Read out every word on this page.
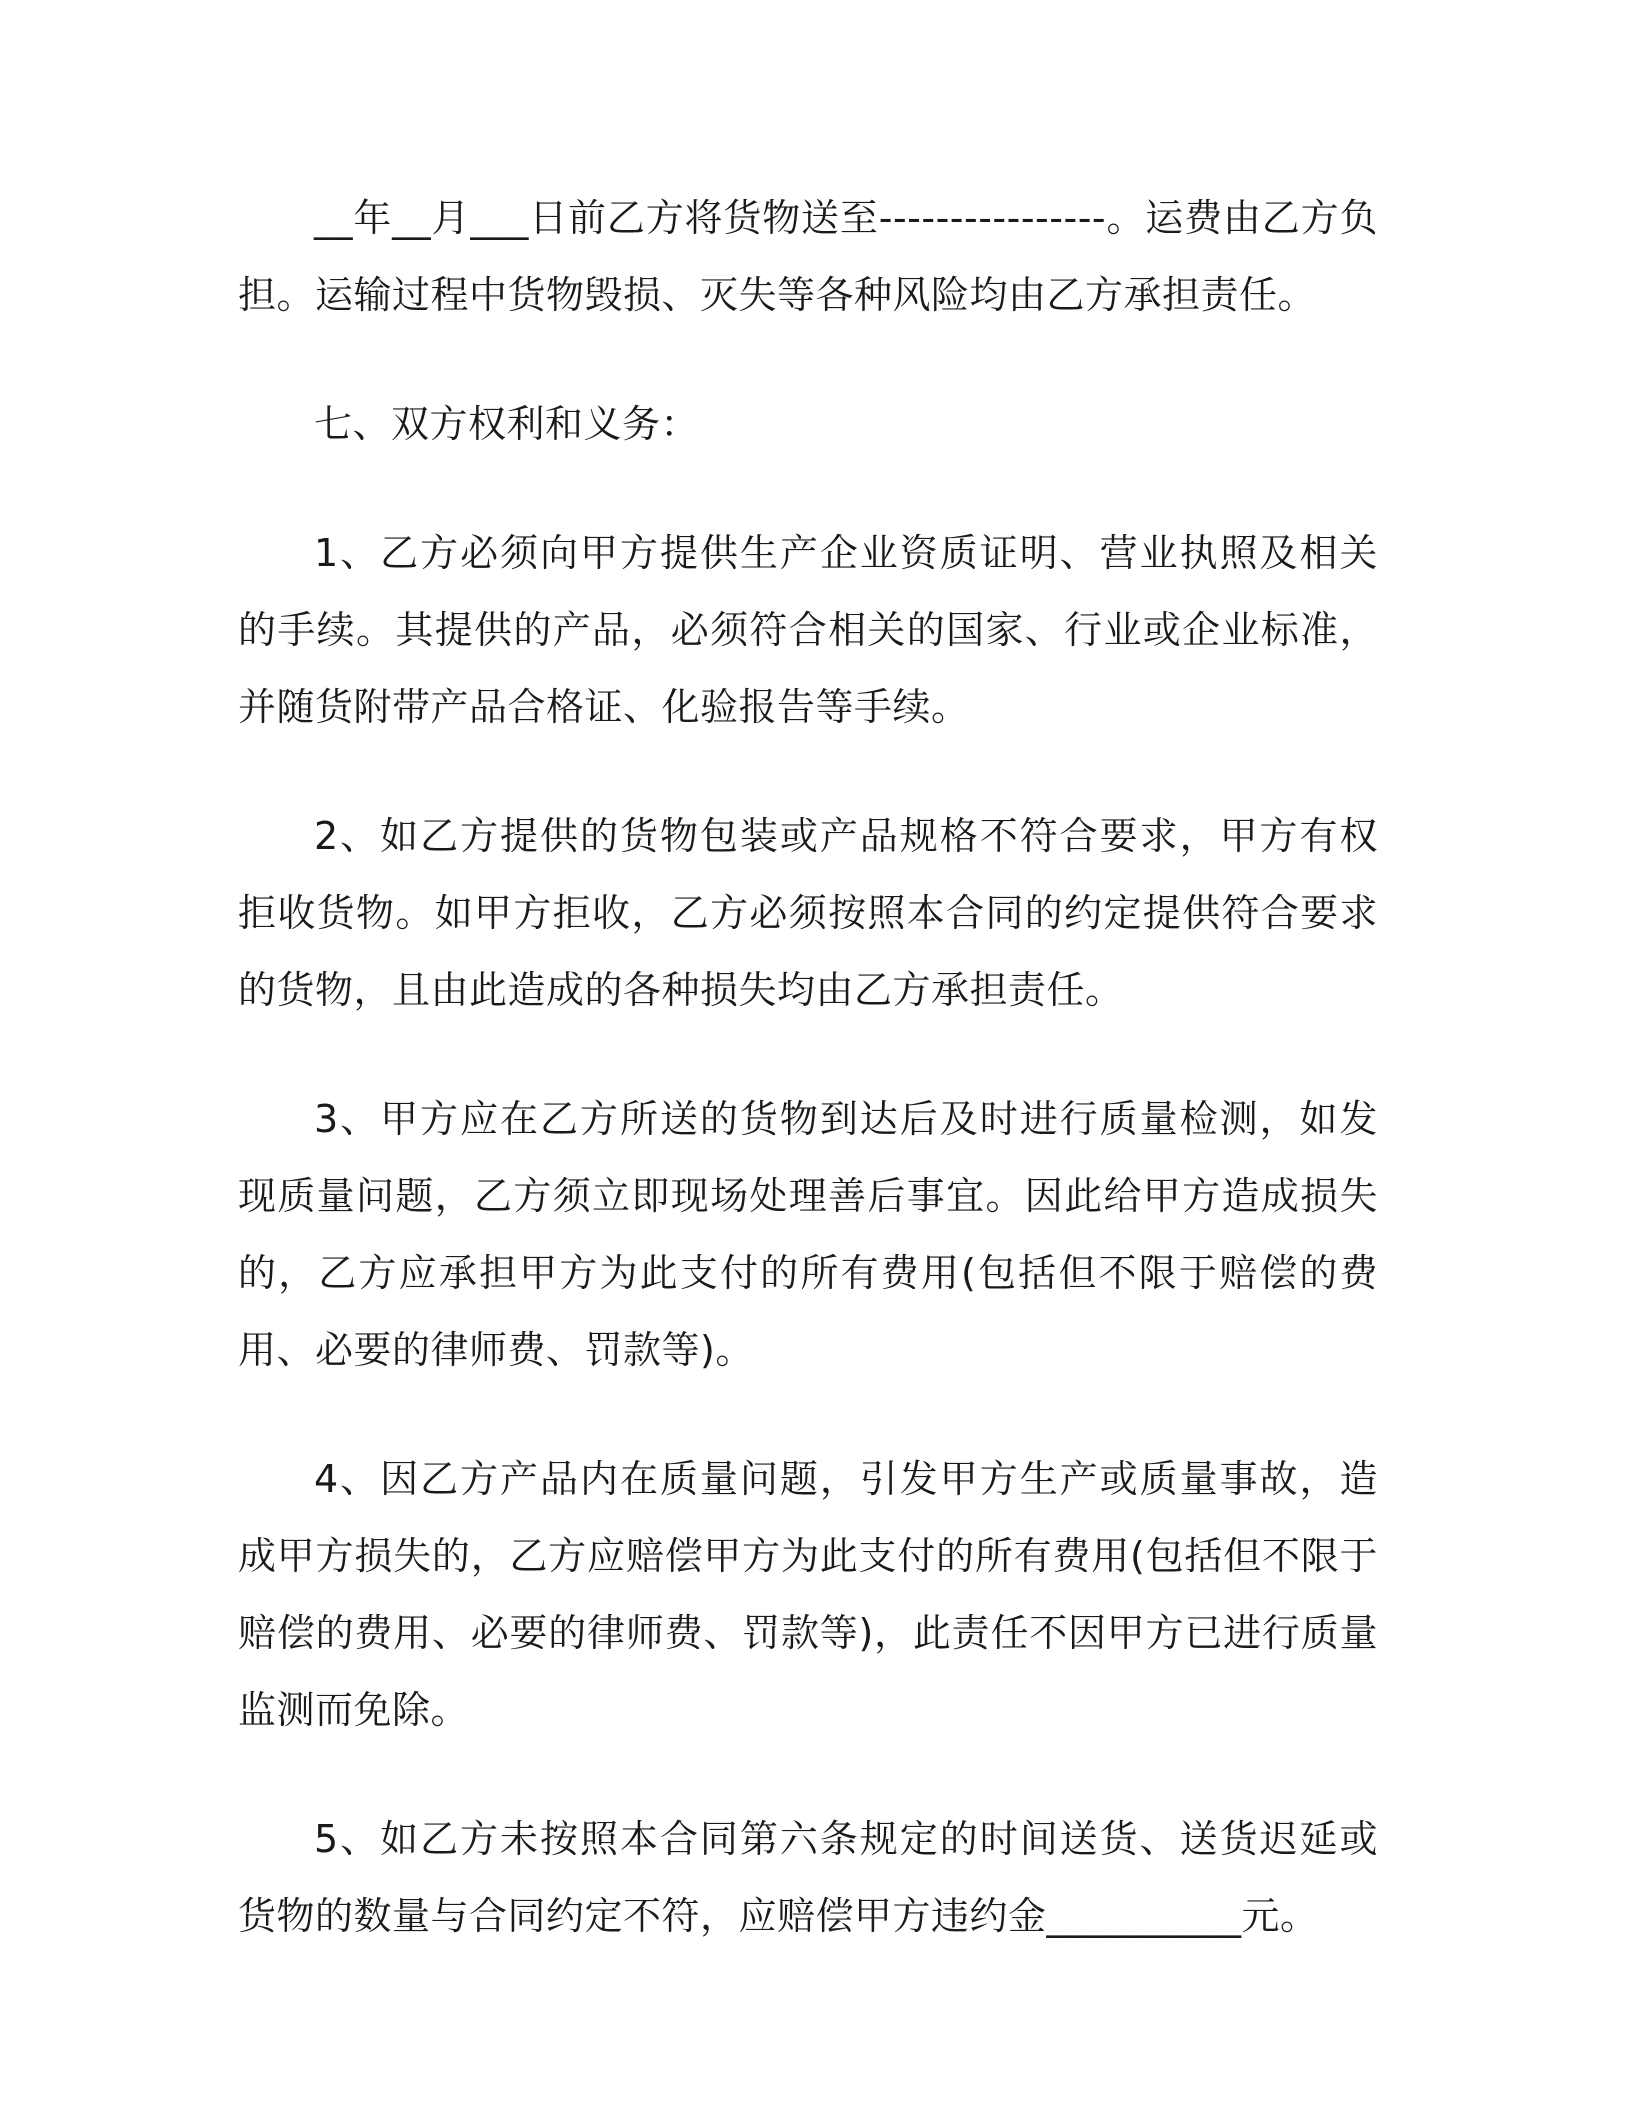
__年__月___日前乙方将货物送至----------------。运费由乙方负担。运输过程中货物毁损、灭失等各种风险均由乙方承担责任。

七、双方权利和义务：

1、乙方必须向甲方提供生产企业资质证明、营业执照及相关的手续。其提供的产品，必须符合相关的国家、行业或企业标准，并随货附带产品合格证、化验报告等手续。

2、如乙方提供的货物包装或产品规格不符合要求，甲方有权拒收货物。如甲方拒收，乙方必须按照本合同的约定提供符合要求的货物，且由此造成的各种损失均由乙方承担责任。

3、甲方应在乙方所送的货物到达后及时进行质量检测，如发现质量问题，乙方须立即现场处理善后事宜。因此给甲方造成损失的，乙方应承担甲方为此支付的所有费用(包括但不限于赔偿的费用、必要的律师费、罚款等)。

4、因乙方产品内在质量问题，引发甲方生产或质量事故，造成甲方损失的，乙方应赔偿甲方为此支付的所有费用(包括但不限于赔偿的费用、必要的律师费、罚款等)，此责任不因甲方已进行质量监测而免除。

5、如乙方未按照本合同第六条规定的时间送货、送货迟延或货物的数量与合同约定不符，应赔偿甲方违约金__________元。
